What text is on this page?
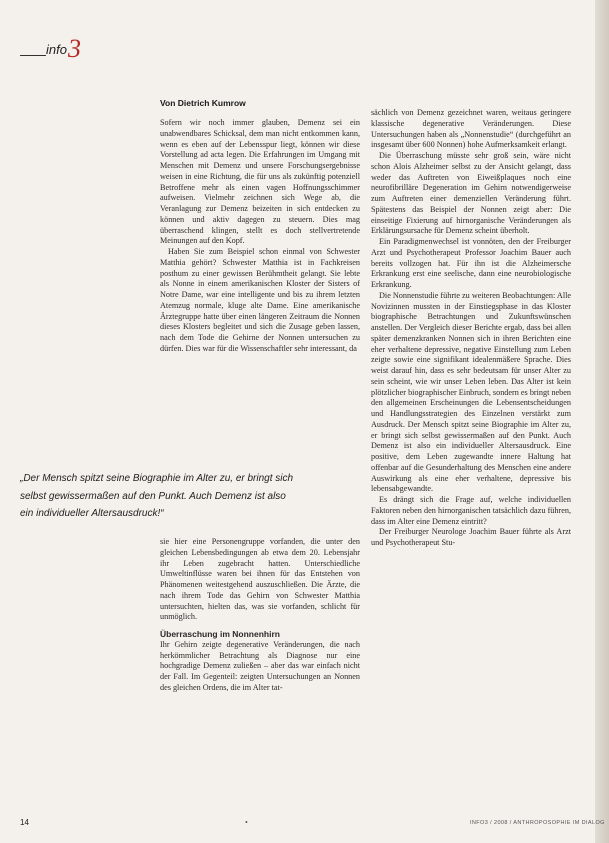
info 3
Von Dietrich Kumrow

Sofern wir noch immer glauben, Demenz sei ein unabwendbares Schicksal, dem man nicht entkommen kann, wenn es eben auf der Lebensspur liegt, können wir diese Vorstellung ad acta legen. Die Erfahrungen im Umgang mit Menschen mit Demenz und unsere Forschungsergebnisse weisen in eine Richtung, die für uns als zukünftig potenziell Betroffene mehr als einen vagen Hoffnungsschimmer aufweisen. Vielmehr zeichnen sich Wege ab, die Veranlagung zur Demenz beizeiten in sich entdecken zu können und aktiv dagegen zu steuern. Dies mag überraschend klingen, stellt es doch stellvertretende Meinungen auf den Kopf.

Haben Sie zum Beispiel schon einmal von Schwester Matthia gehört? Schwester Matthia ist in Fachkreisen posthum zu einer gewissen Berühmtheit gelangt. Sie lebte als Nonne in einem amerikanischen Kloster der Sisters of Notre Dame, war eine intelligente und bis zu ihrem letzten Atemzug normale, kluge alte Dame. Eine amerikanische Ärztegruppe hatte über einen längeren Zeitraum die Nonnen dieses Klosters begleitet und sich die Zusage geben lassen, nach dem Tode die Gehirne der Nonnen untersuchen zu dürfen. Dies war für die Wissenschaftler sehr interessant, da

„Der Mensch spitzt seine Biographie im Alter zu, er bringt sich
selbst gewissermaßen auf den Punkt. Auch Demenz ist also
ein individueller Altersausdruck!“

sie hier eine Personengruppe vorfanden, die unter den gleichen Lebensbedingungen ab etwa dem 20. Lebensjahr ihr Leben zugebracht hatten. Unterschiedliche Umweltinflüsse waren bei ihnen für das Entstehen von Phänomenen weitestgehend auszuschließen. Die Ärzte, die nach ihrem Tode das Gehirn von Schwester Matthia untersuchten, hielten das, was sie vorfanden, schlicht für unmöglich.

Überraschung im Nonnenhirn

Ihr Gehirn zeigte degenerative Veränderungen, die nach herkömmlicher Betrachtung als Diagnose nur eine hochgradige Demenz zuließen – aber das war einfach nicht der Fall. Im Gegenteil: zeigten Untersuchungen an Nonnen des gleichen Ordens, die im Alter tat-

sächlich von Demenz gezeichnet waren, weitaus geringere klassische degenerative Veränderungen. Diese Untersuchungen haben als „Nonnenstudie“ (durchgeführt an insgesamt über 600 Nonnen) hohe Aufmerksamkeit erlangt.

Die Überraschung müsste sehr groß sein, wäre nicht schon Alois Alzheimer selbst zu der Ansicht gelangt, dass weder das Auftreten von Eiweißplaques noch eine neurofibrilläre Degeneration im Gehirn notwendigerweise zum Auftreten einer demenziellen Veränderung führt. Spätestens das Beispiel der Nonnen zeigt aber: Die einseitige Fixierung auf hirnorganische Veränderungen als Erklärungsursache für Demenz scheint überholt.

Ein Paradigmenwechsel ist vonnöten, den der Freiburger Arzt und Psychotherapeut Professor Joachim Bauer auch bereits vollzogen hat. Für ihn ist die Alzheimersche Erkrankung erst eine seelische, dann eine neurobiologische Erkrankung.

Die Nonnenstudie führte zu weiteren Beobachtungen: Alle Novizinnen mussten in der Einstiegsphase in das Kloster biographische Betrachtungen und Zukunftswünschen anstellen. Der Vergleich dieser Berichte ergab, dass bei allen später demenzkranken Nonnen sich in ihren Berichten eine eher verhaltene depressive, negative Einstellung zum Leben zeigte sowie eine signifikant idealenmäßere Sprache. Dies weist darauf hin, dass es sehr bedeutsam für unser Alter zu sein scheint, wie wir unser Leben leben. Das Alter ist kein plötzlicher biographischer Einbruch, sondern es bringt neben den allgemeinen Erscheinungen die Lebensentscheidungen und Handlungsstrategien des Einzelnen verstärkt zum Ausdruck. Der Mensch spitzt seine Biographie im Alter zu, er bringt sich selbst gewissermaßen auf den Punkt. Auch Demenz ist also ein individueller Altersausdruck. Eine positive, dem Leben zugewandte innere Haltung hat offenbar auf die Gesunderhaltung des Menschen eine andere Auswirkung als eine eher verhaltene, depressive bis lebensabgewandte.

Es drängt sich die Frage auf, welche individuellen Faktoren neben den hirnorganischen tatsächlich dazu führen, dass im Alter eine Demenz eintritt?

Der Freiburger Neurologe Joachim Bauer führte als Arzt und Psychotherapeut Stu-

14	•	INFO3 / 2008 / ANTHROPOSOPHIE IM DIALOG
